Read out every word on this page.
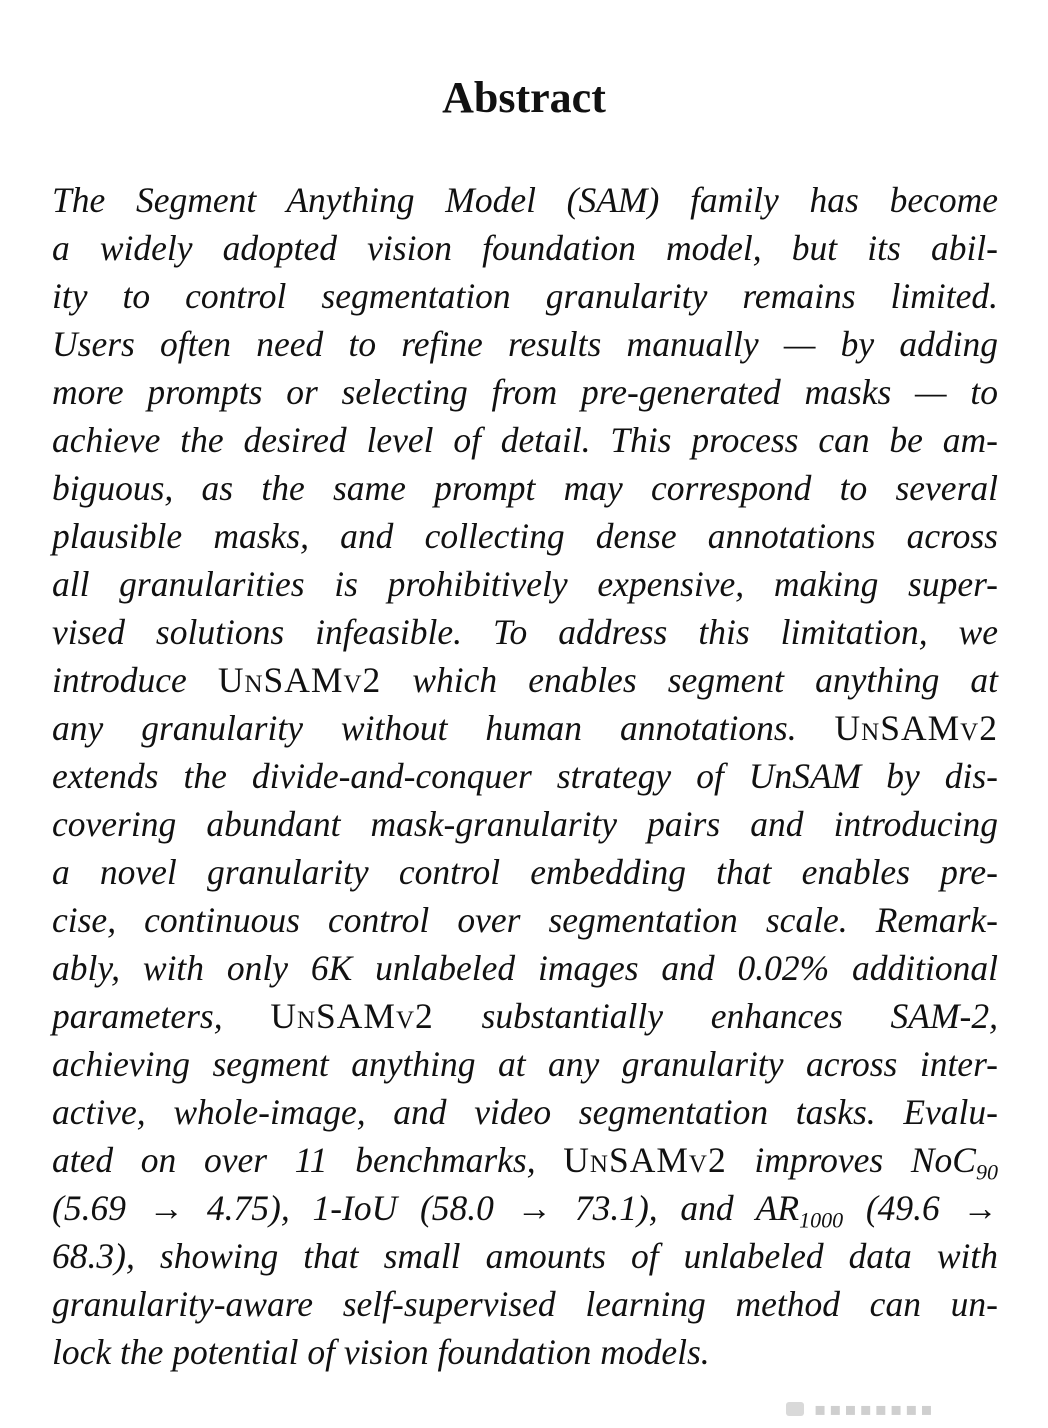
Abstract
The Segment Anything Model (SAM) family has become
a widely adopted vision foundation model, but its abil-
ity to control segmentation granularity remains limited.
Users often need to refine results manually — by adding
more prompts or selecting from pre-generated masks — to
achieve the desired level of detail. This process can be am-
biguous, as the same prompt may correspond to several
plausible masks, and collecting dense annotations across
all granularities is prohibitively expensive, making super-
vised solutions infeasible. To address this limitation, we
introduce UnSAMv2 which enables segment anything at
any granularity without human annotations. UnSAMv2
extends the divide-and-conquer strategy of UnSAM by dis-
covering abundant mask-granularity pairs and introducing
a novel granularity control embedding that enables pre-
cise, continuous control over segmentation scale. Remark-
ably, with only 6K unlabeled images and 0.02% additional
parameters, UnSAMv2 substantially enhances SAM-2,
achieving segment anything at any granularity across inter-
active, whole-image, and video segmentation tasks. Evalu-
ated on over 11 benchmarks, UnSAMv2 improves NoC$_{90}$
(5.69 → 4.75), 1-IoU (58.0 → 73.1), and $AR_{1000}$ (49.6 →
68.3), showing that small amounts of unlabeled data with
granularity-aware self-supervised learning method can un-
lock the potential of vision foundation models.
▪▪▪▪▪▪▪▪
